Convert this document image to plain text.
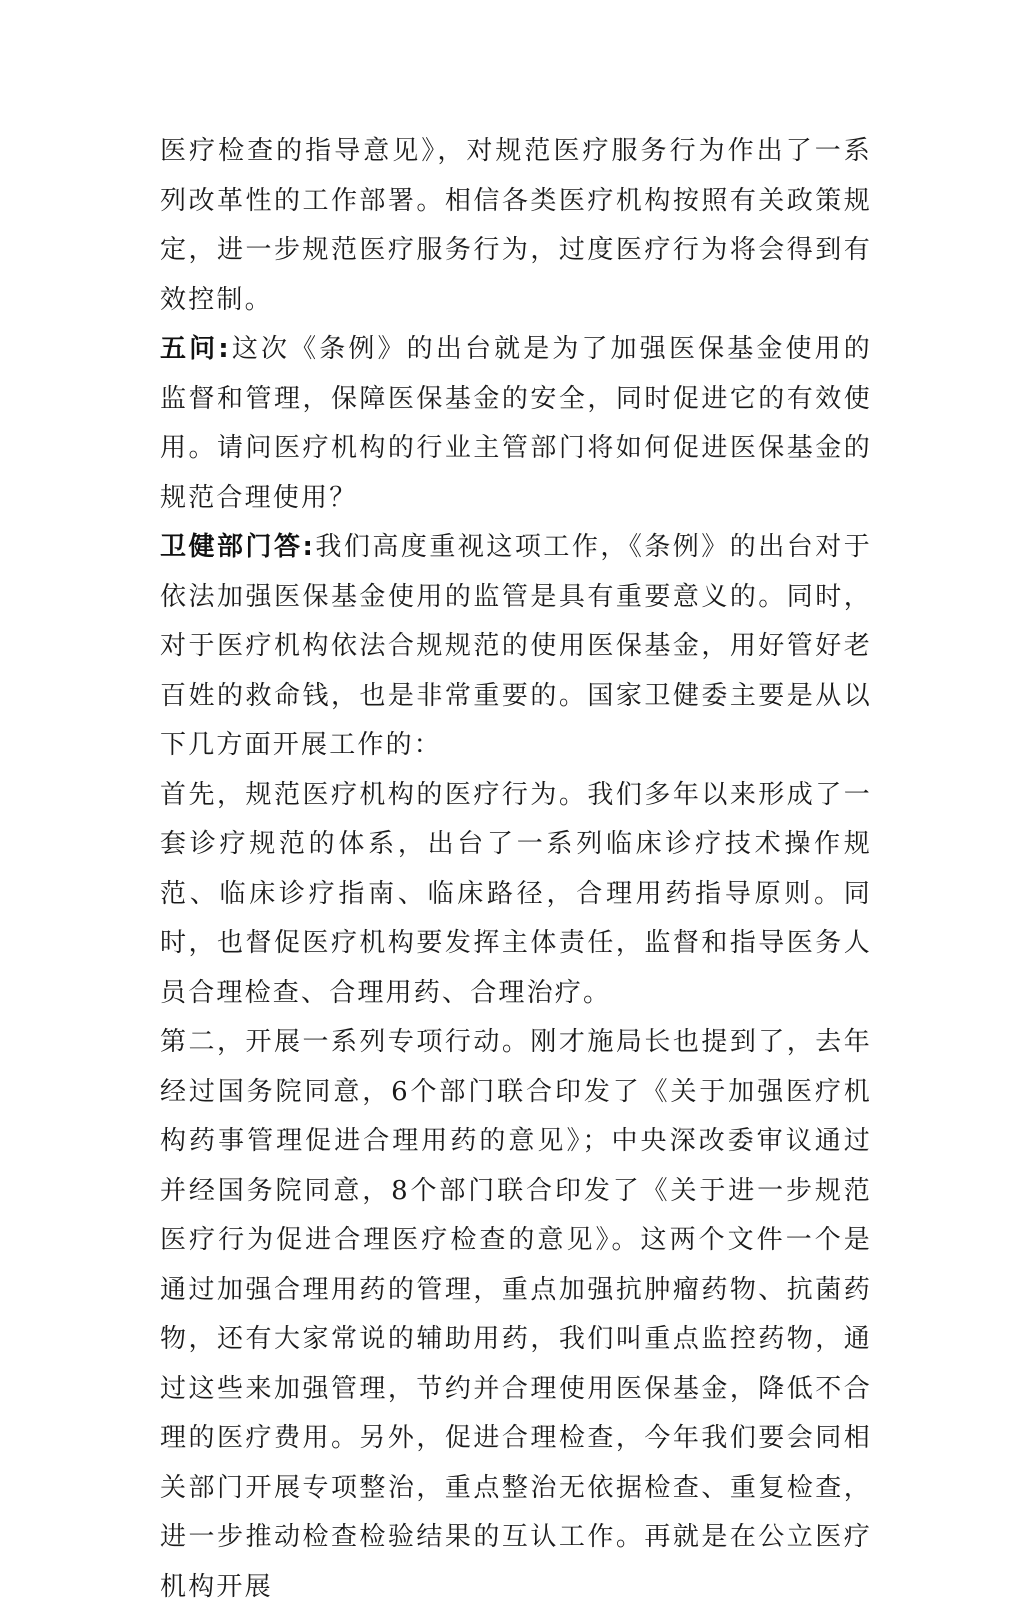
医疗检查的指导意见》，对规范医疗服务行为作出了一系列改革性的工作部署。相信各类医疗机构按照有关政策规定，进一步规范医疗服务行为，过度医疗行为将会得到有效控制。

五问:这次《条例》的出台就是为了加强医保基金使用的监督和管理，保障医保基金的安全，同时促进它的有效使用。请问医疗机构的行业主管部门将如何促进医保基金的规范合理使用？

卫健部门答:我们高度重视这项工作，《条例》的出台对于依法加强医保基金使用的监管是具有重要意义的。同时，对于医疗机构依法合规规范的使用医保基金，用好管好老百姓的救命钱，也是非常重要的。国家卫健委主要是从以下几方面开展工作的：

首先，规范医疗机构的医疗行为。我们多年以来形成了一套诊疗规范的体系，出台了一系列临床诊疗技术操作规范、临床诊疗指南、临床路径，合理用药指导原则。同时，也督促医疗机构要发挥主体责任，监督和指导医务人员合理检查、合理用药、合理治疗。

第二，开展一系列专项行动。刚才施局长也提到了，去年经过国务院同意，6个部门联合印发了《关于加强医疗机构药事管理促进合理用药的意见》；中央深改委审议通过并经国务院同意，8个部门联合印发了《关于进一步规范医疗行为促进合理医疗检查的意见》。这两个文件一个是通过加强合理用药的管理，重点加强抗肿瘤药物、抗菌药物，还有大家常说的辅助用药，我们叫重点监控药物，通过这些来加强管理，节约并合理使用医保基金，降低不合理的医疗费用。另外，促进合理检查，今年我们要会同相关部门开展专项整治，重点整治无依据检查、重复检查，进一步推动检查检验结果的互认工作。再就是在公立医疗机构开展
